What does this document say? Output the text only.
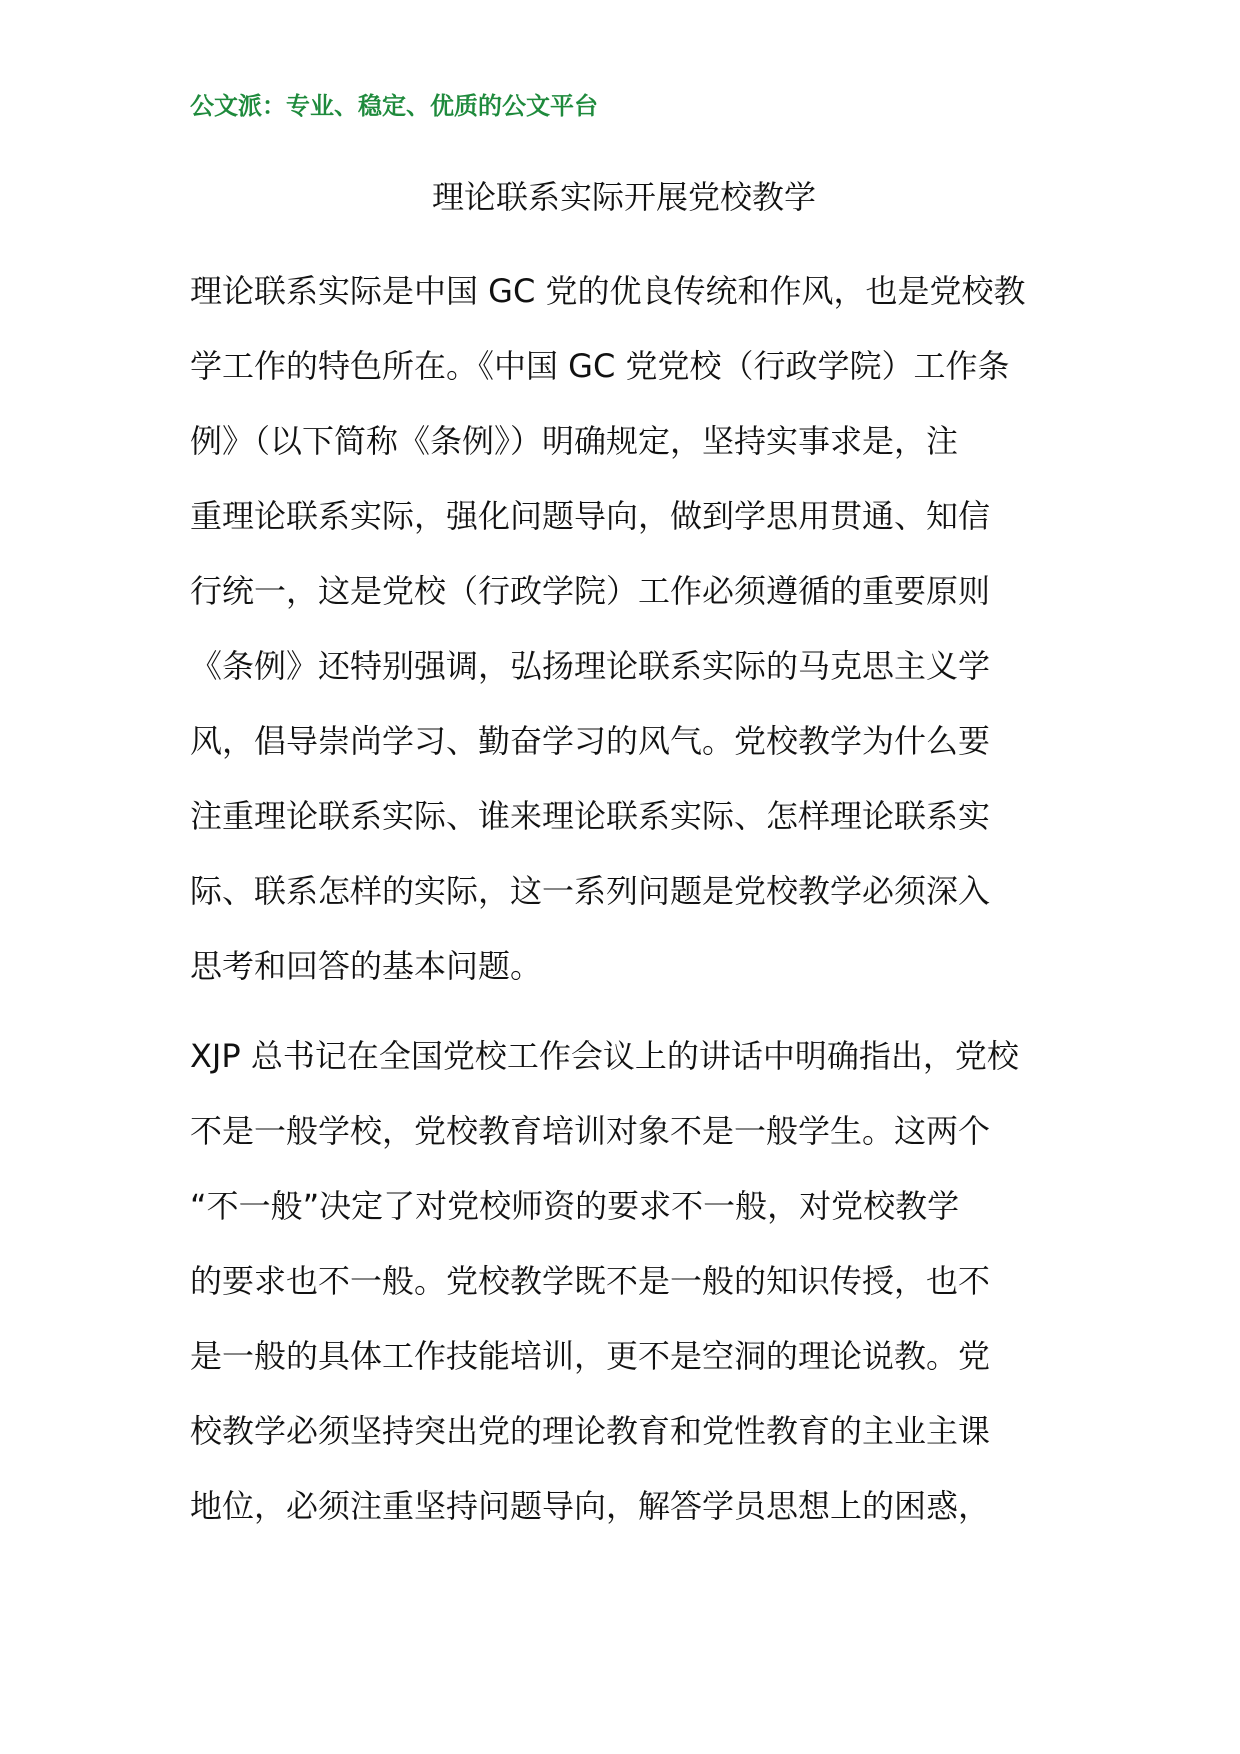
公文派：专业、稳定、优质的公文平台
理论联系实际开展党校教学
理论联系实际是中国 GC 党的优良传统和作风，也是党校教
学工作的特色所在。《中国 GC 党党校（行政学院）工作条
例》（以下简称《条例》）明确规定，坚持实事求是，注
重理论联系实际，强化问题导向，做到学思用贯通、知信
行统一，这是党校（行政学院）工作必须遵循的重要原则
《条例》还特别强调，弘扬理论联系实际的马克思主义学
风，倡导崇尚学习、勤奋学习的风气。党校教学为什么要
注重理论联系实际、谁来理论联系实际、怎样理论联系实
际、联系怎样的实际，这一系列问题是党校教学必须深入
思考和回答的基本问题。
XJP 总书记在全国党校工作会议上的讲话中明确指出，党校
不是一般学校，党校教育培训对象不是一般学生。这两个
“不一般”决定了对党校师资的要求不一般，对党校教学
的要求也不一般。党校教学既不是一般的知识传授，也不
是一般的具体工作技能培训，更不是空洞的理论说教。党
校教学必须坚持突出党的理论教育和党性教育的主业主课
地位，必须注重坚持问题导向，解答学员思想上的困惑，
